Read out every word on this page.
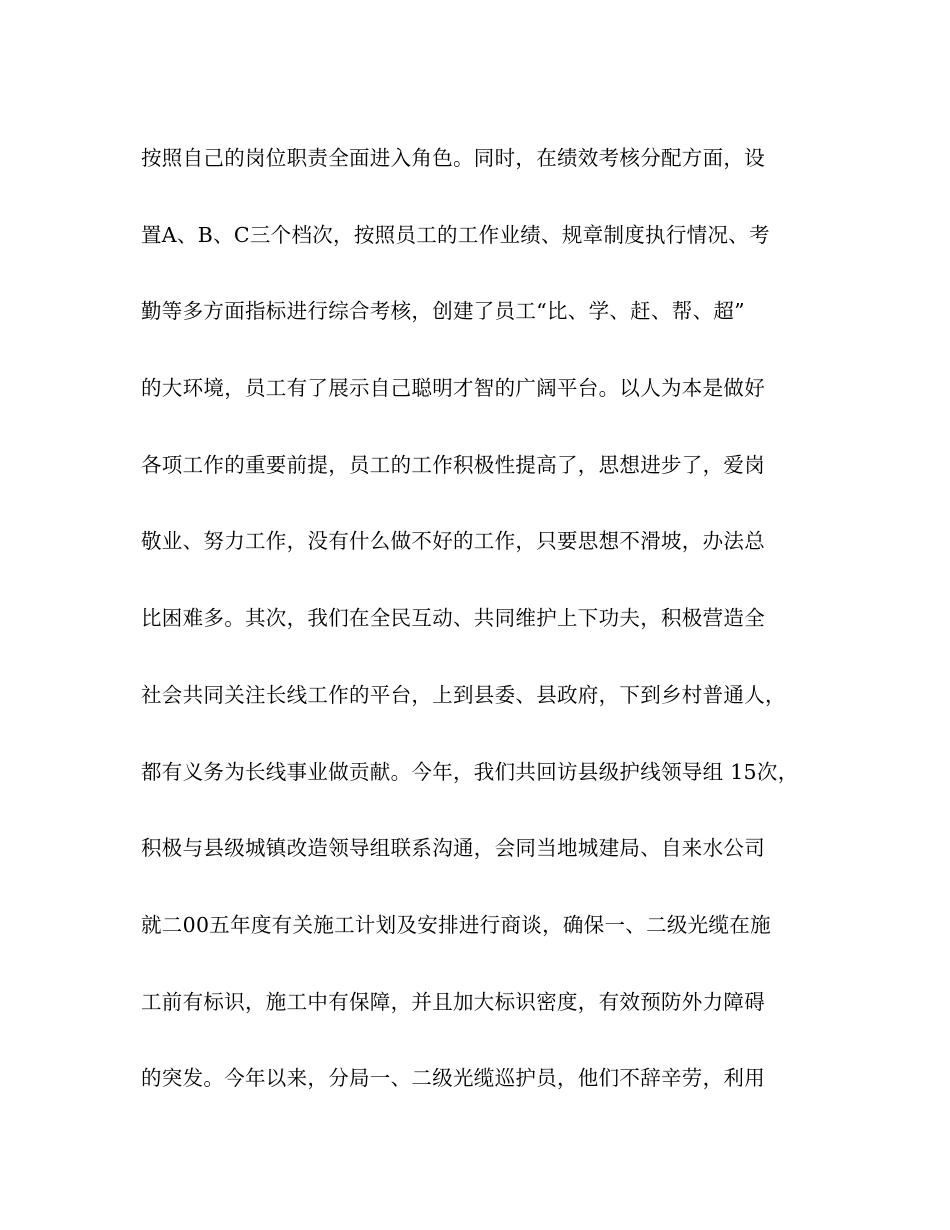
按照自己的岗位职责全面进入角色。同时，在绩效考核分配方面，设
置A、B、C三个档次，按照员工的工作业绩、规章制度执行情况、考
勤等多方面指标进行综合考核，创建了员工“比、学、赶、帮、超”
的大环境，员工有了展示自己聪明才智的广阔平台。以人为本是做好
各项工作的重要前提，员工的工作积极性提高了，思想进步了，爱岗
敬业、努力工作，没有什么做不好的工作，只要思想不滑坡，办法总
比困难多。其次，我们在全民互动、共同维护上下功夫，积极营造全
社会共同关注长线工作的平台，上到县委、县政府，下到乡村普通人，
都有义务为长线事业做贡献。今年，我们共回访县级护线领导组 15次，
积极与县级城镇改造领导组联系沟通，会同当地城建局、自来水公司
就二00五年度有关施工计划及安排进行商谈，确保一、二级光缆在施
工前有标识，施工中有保障，并且加大标识密度，有效预防外力障碍
的突发。今年以来，分局一、二级光缆巡护员，他们不辞辛劳，利用
